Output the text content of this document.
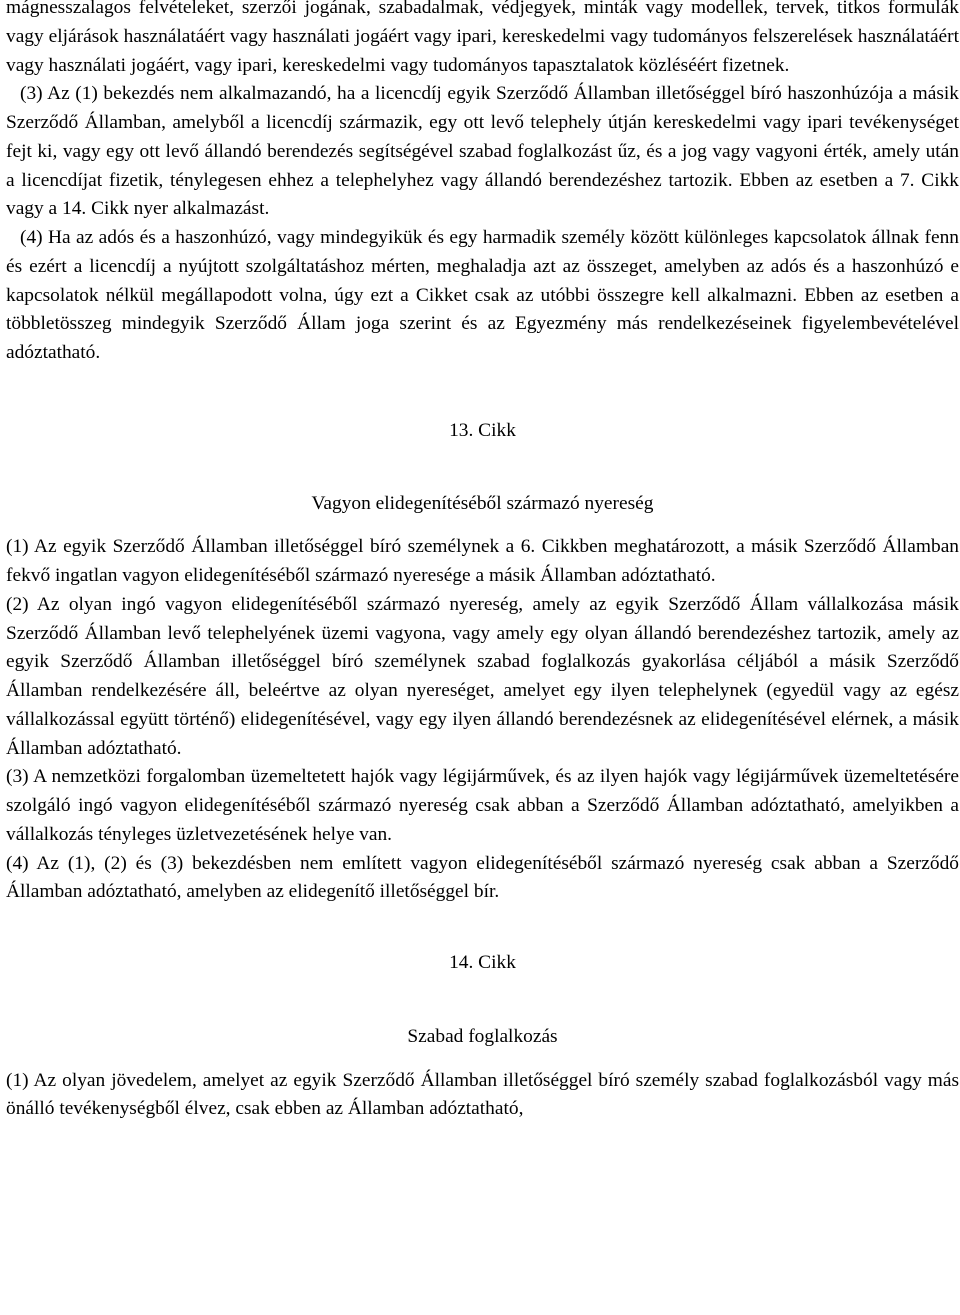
mágnesszalagos felvételeket, szerzői jogának, szabadalmak, védjegyek, minták vagy modellek, tervek, titkos formulák vagy eljárások használatáért vagy használati jogáért vagy ipari, kereskedelmi vagy tudományos felszerelések használatáért vagy használati jogáért, vagy ipari, kereskedelmi vagy tudományos tapasztalatok közléséért fizetnek.

(3) Az (1) bekezdés nem alkalmazandó, ha a licencdíj egyik Szerződő Államban illetőséggel bíró haszonhúzója a másik Szerződő Államban, amelyből a licencdíj származik, egy ott levő telephely útján kereskedelmi vagy ipari tevékenységet fejt ki, vagy egy ott levő állandó berendezés segítségével szabad foglalkozást űz, és a jog vagy vagyoni érték, amely után a licencdíjat fizetik, ténylegesen ehhez a telephelyhez vagy állandó berendezéshez tartozik. Ebben az esetben a 7. Cikk vagy a 14. Cikk nyer alkalmazást.

(4) Ha az adós és a haszonhúzó, vagy mindegyikük és egy harmadik személy között különleges kapcsolatok állnak fenn és ezért a licencdíj a nyújtott szolgáltatáshoz mérten, meghaladja azt az összeget, amelyben az adós és a haszonhúzó e kapcsolatok nélkül megállapodott volna, úgy ezt a Cikket csak az utóbbi összegre kell alkalmazni. Ebben az esetben a többletösszeg mindegyik Szerződő Állam joga szerint és az Egyezmény más rendelkezéseinek figyelembevételével adóztatható.

13. Cikk

Vagyon elidegenítéséből származó nyereség

(1) Az egyik Szerződő Államban illetőséggel bíró személynek a 6. Cikkben meghatározott, a másik Szerződő Államban fekvő ingatlan vagyon elidegenítéséből származó nyeresége a másik Államban adóztatható.

(2) Az olyan ingó vagyon elidegenítéséből származó nyereség, amely az egyik Szerződő Állam vállalkozása másik Szerződő Államban levő telephelyének üzemi vagyona, vagy amely egy olyan állandó berendezéshez tartozik, amely az egyik Szerződő Államban illetőséggel bíró személynek szabad foglalkozás gyakorlása céljából a másik Szerződő Államban rendelkezésére áll, beleértve az olyan nyereséget, amelyet egy ilyen telephelynek (egyedül vagy az egész vállalkozással együtt történő) elidegenítésével, vagy egy ilyen állandó berendezésnek az elidegenítésével elérnek, a másik Államban adóztatható.

(3) A nemzetközi forgalomban üzemeltetett hajók vagy légijárművek, és az ilyen hajók vagy légijárművek üzemeltetésére szolgáló ingó vagyon elidegenítéséből származó nyereség csak abban a Szerződő Államban adóztatható, amelyikben a vállalkozás tényleges üzletvezetésének helye van.

(4) Az (1), (2) és (3) bekezdésben nem említett vagyon elidegenítéséből származó nyereség csak abban a Szerződő Államban adóztatható, amelyben az elidegenítő illetőséggel bír.

14. Cikk

Szabad foglalkozás

(1) Az olyan jövedelem, amelyet az egyik Szerződő Államban illetőséggel bíró személy szabad foglalkozásból vagy más önálló tevékenységből élvez, csak ebben az Államban adóztatható,
